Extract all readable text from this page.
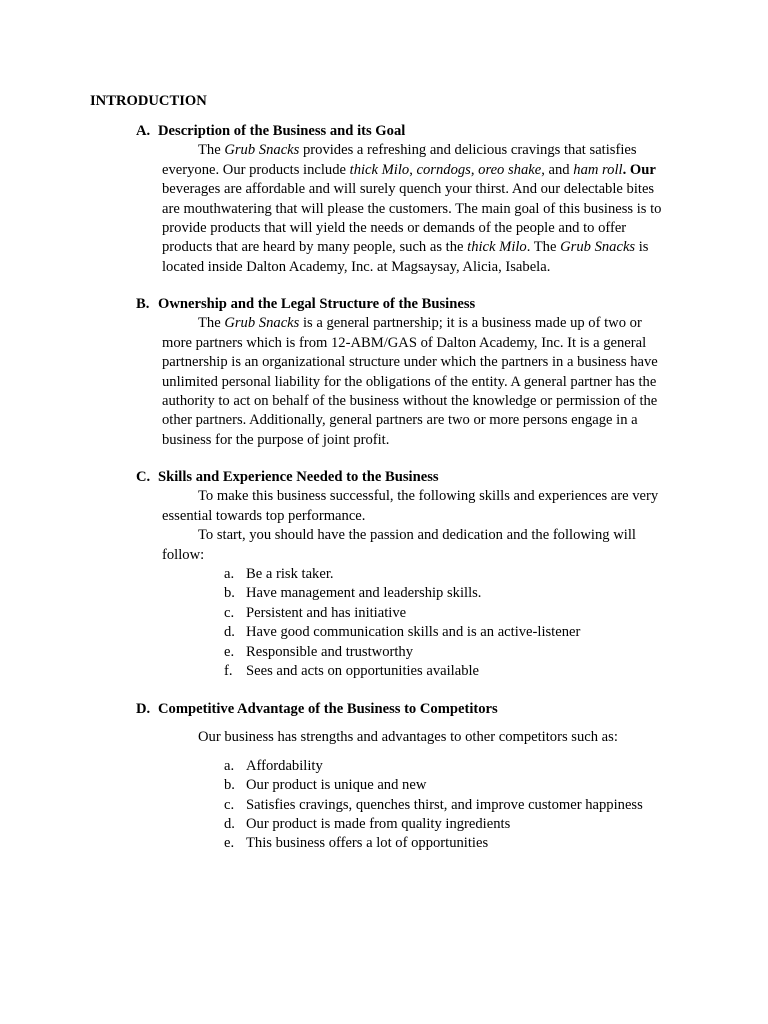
INTRODUCTION
A. Description of the Business and its Goal
The Grub Snacks provides a refreshing and delicious cravings that satisfies
everyone. Our products include thick Milo, corndogs, oreo shake, and ham roll. Our
beverages are affordable and will surely quench your thirst. And our delectable bites
are mouthwatering that will please the customers. The main goal of this business is to
provide products that will yield the needs or demands of the people and to offer
products that are heard by many people, such as the thick Milo. The Grub Snacks is
located inside Dalton Academy, Inc. at Magsaysay, Alicia, Isabela.
B. Ownership and the Legal Structure of the Business
The Grub Snacks is a general partnership; it is a business made up of two or
more partners which is from 12-ABM/GAS of Dalton Academy, Inc. It is a general
partnership is an organizational structure under which the partners in a business have
unlimited personal liability for the obligations of the entity. A general partner has the
authority to act on behalf of the business without the knowledge or permission of the
other partners. Additionally, general partners are two or more persons engage in a
business for the purpose of joint profit.
C. Skills and Experience Needed to the Business
To make this business successful, the following skills and experiences are very
essential towards top performance.
To start, you should have the passion and dedication and the following will
follow:
a. Be a risk taker.
b. Have management and leadership skills.
c. Persistent and has initiative
d. Have good communication skills and is an active-listener
e. Responsible and trustworthy
f. Sees and acts on opportunities available
D. Competitive Advantage of the Business to Competitors
Our business has strengths and advantages to other competitors such as:
a. Affordability
b. Our product is unique and new
c. Satisfies cravings, quenches thirst, and improve customer happiness
d. Our product is made from quality ingredients
e. This business offers a lot of opportunities
